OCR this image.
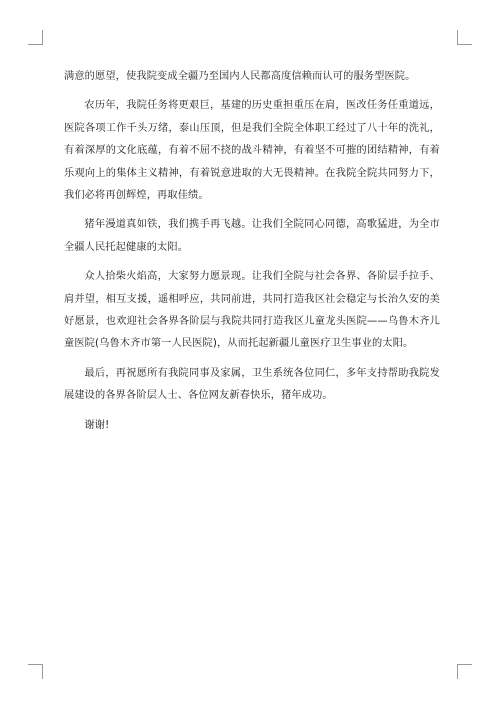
满意的愿望，使我院变成全疆乃至国内人民都高度信赖而认可的服务型医院。

农历年，我院任务将更艰巨，基建的历史重担重压在肩，医改任务任重道远，医院各项工作千头万绪，泰山压顶，但是我们全院全体职工经过了八十年的洗礼，有着深厚的文化底蕴，有着不屈不挠的战斗精神，有着坚不可摧的团结精神，有着乐观向上的集体主义精神，有着锐意进取的大无畏精神。在我院全院共同努力下，我们必将再创辉煌，再取佳绩。

猪年漫道真如铁，我们携手再飞越。让我们全院同心同德，高歌猛进，为全市全疆人民托起健康的太阳。

众人拾柴火焰高，大家努力愿景现。让我们全院与社会各界、各阶层手拉手、肩并望，相互支援，遥相呼应，共同前进，共同打造我区社会稳定与长治久安的美好愿景，也欢迎社会各界各阶层与我院共同打造我区儿童龙头医院——乌鲁木齐儿童医院(乌鲁木齐市第一人民医院)，从而托起新疆儿童医疗卫生事业的太阳。

最后，再祝愿所有我院同事及家属，卫生系统各位同仁，多年支持帮助我院发展建设的各界各阶层人士、各位网友新春快乐，猪年成功。

谢谢!
